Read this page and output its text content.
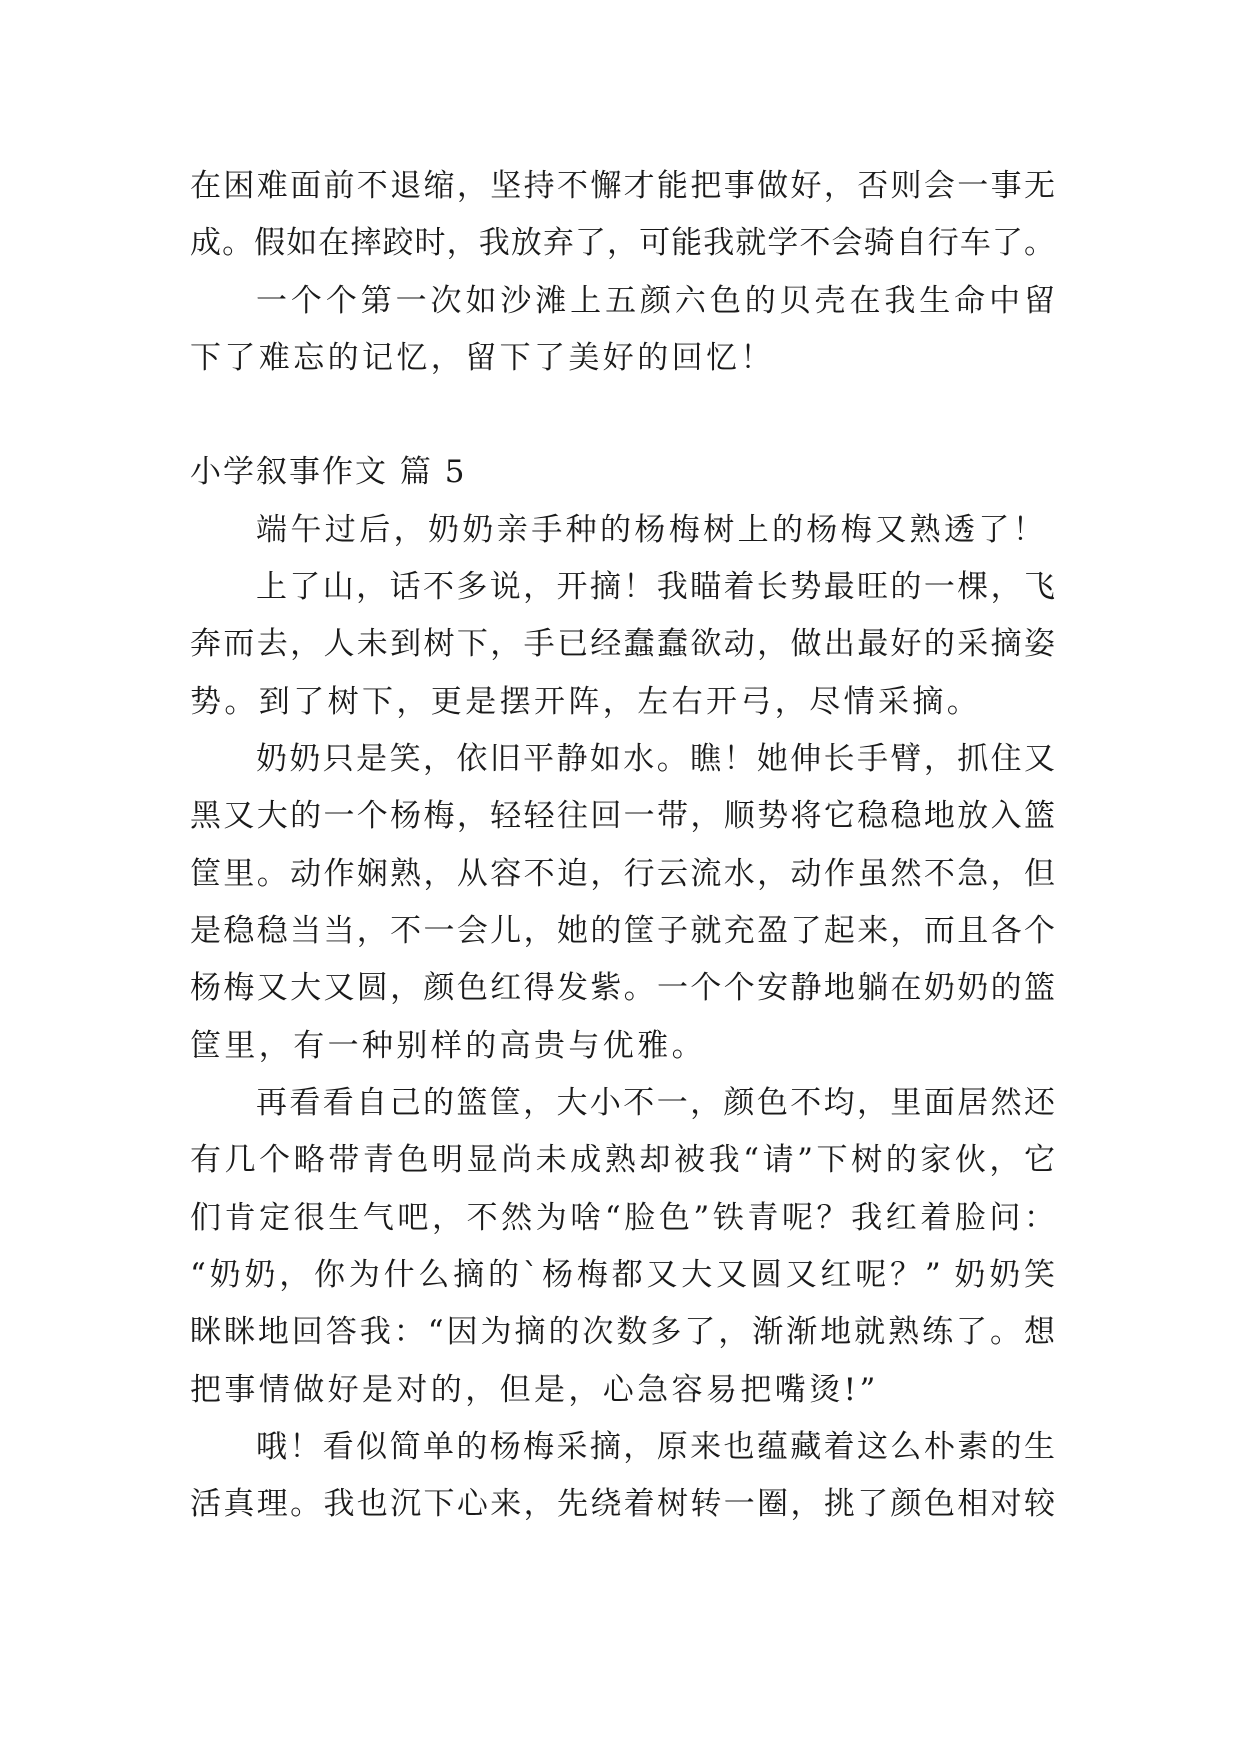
在困难面前不退缩，坚持不懈才能把事做好，否则会一事无
成。假如在摔跤时，我放弃了，可能我就学不会骑自行车了。
一个个第一次如沙滩上五颜六色的贝壳在我生命中留
下了难忘的记忆，留下了美好的回忆！
小学叙事作文 篇 5
端午过后，奶奶亲手种的杨梅树上的杨梅又熟透了！
上了山，话不多说，开摘！我瞄着长势最旺的一棵，飞
奔而去，人未到树下，手已经蠢蠢欲动，做出最好的采摘姿
势。到了树下，更是摆开阵，左右开弓，尽情采摘。
奶奶只是笑，依旧平静如水。瞧！她伸长手臂，抓住又
黑又大的一个杨梅，轻轻往回一带，顺势将它稳稳地放入篮
筐里。动作娴熟，从容不迫，行云流水，动作虽然不急，但
是稳稳当当，不一会儿，她的筐子就充盈了起来，而且各个
杨梅又大又圆，颜色红得发紫。一个个安静地躺在奶奶的篮
筐里，有一种别样的高贵与优雅。
再看看自己的篮筐，大小不一，颜色不均，里面居然还
有几个略带青色明显尚未成熟却被我“请”下树的家伙，它
们肯定很生气吧，不然为啥“脸色”铁青呢？我红着脸问：
“奶奶，你为什么摘的`杨梅都又大又圆又红呢？” 奶奶笑
眯眯地回答我：“因为摘的次数多了，渐渐地就熟练了。想
把事情做好是对的，但是，心急容易把嘴烫!”
哦！看似简单的杨梅采摘，原来也蕴藏着这么朴素的生
活真理。我也沉下心来，先绕着树转一圈，挑了颜色相对较
